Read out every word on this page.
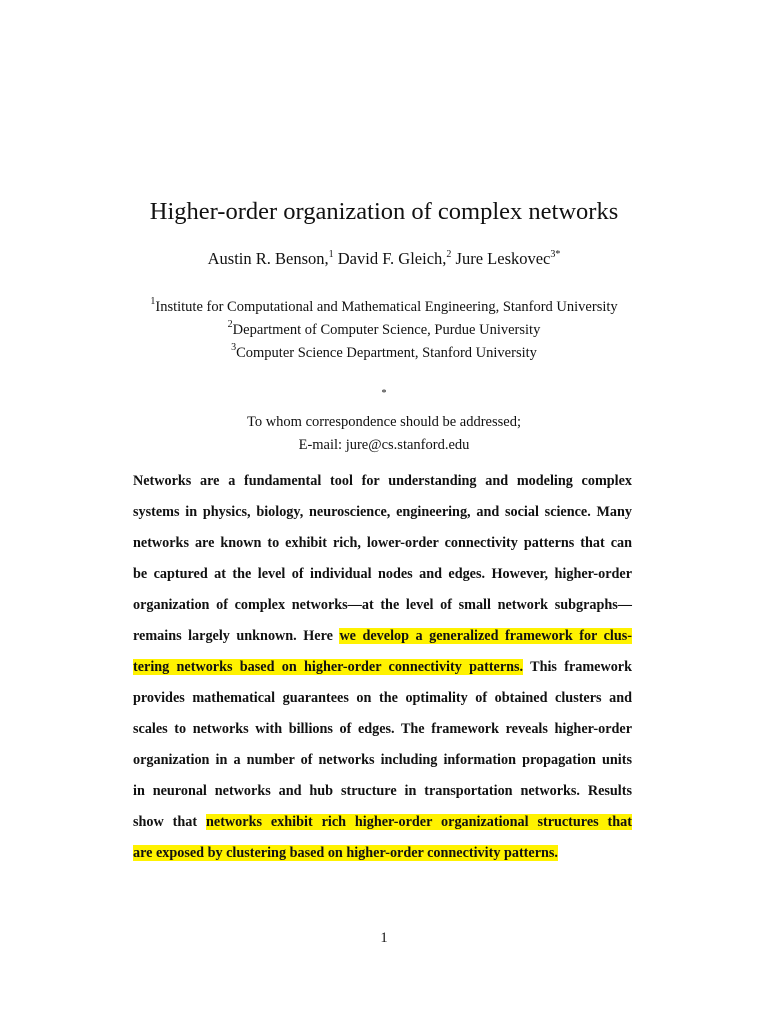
Higher-order organization of complex networks
Austin R. Benson,$^1$ David F. Gleich,$^2$ Jure Leskovec$^{3*}$
$^1$Institute for Computational and Mathematical Engineering, Stanford University
$^2$Department of Computer Science, Purdue University
$^3$Computer Science Department, Stanford University
*
To whom correspondence should be addressed;
E-mail: jure@cs.stanford.edu
Networks are a fundamental tool for understanding and modeling complex
systems in physics, biology, neuroscience, engineering, and social science. Many
networks are known to exhibit rich, lower-order connectivity patterns that can
be captured at the level of individual nodes and edges. However, higher-order
organization of complex networks—at the level of small network subgraphs—
remains largely unknown. Here we develop a generalized framework for clus-
tering networks based on higher-order connectivity patterns. This framework
provides mathematical guarantees on the optimality of obtained clusters and
scales to networks with billions of edges. The framework reveals higher-order
organization in a number of networks including information propagation units
in neuronal networks and hub structure in transportation networks. Results
show that networks exhibit rich higher-order organizational structures that
are exposed by clustering based on higher-order connectivity patterns.
1
